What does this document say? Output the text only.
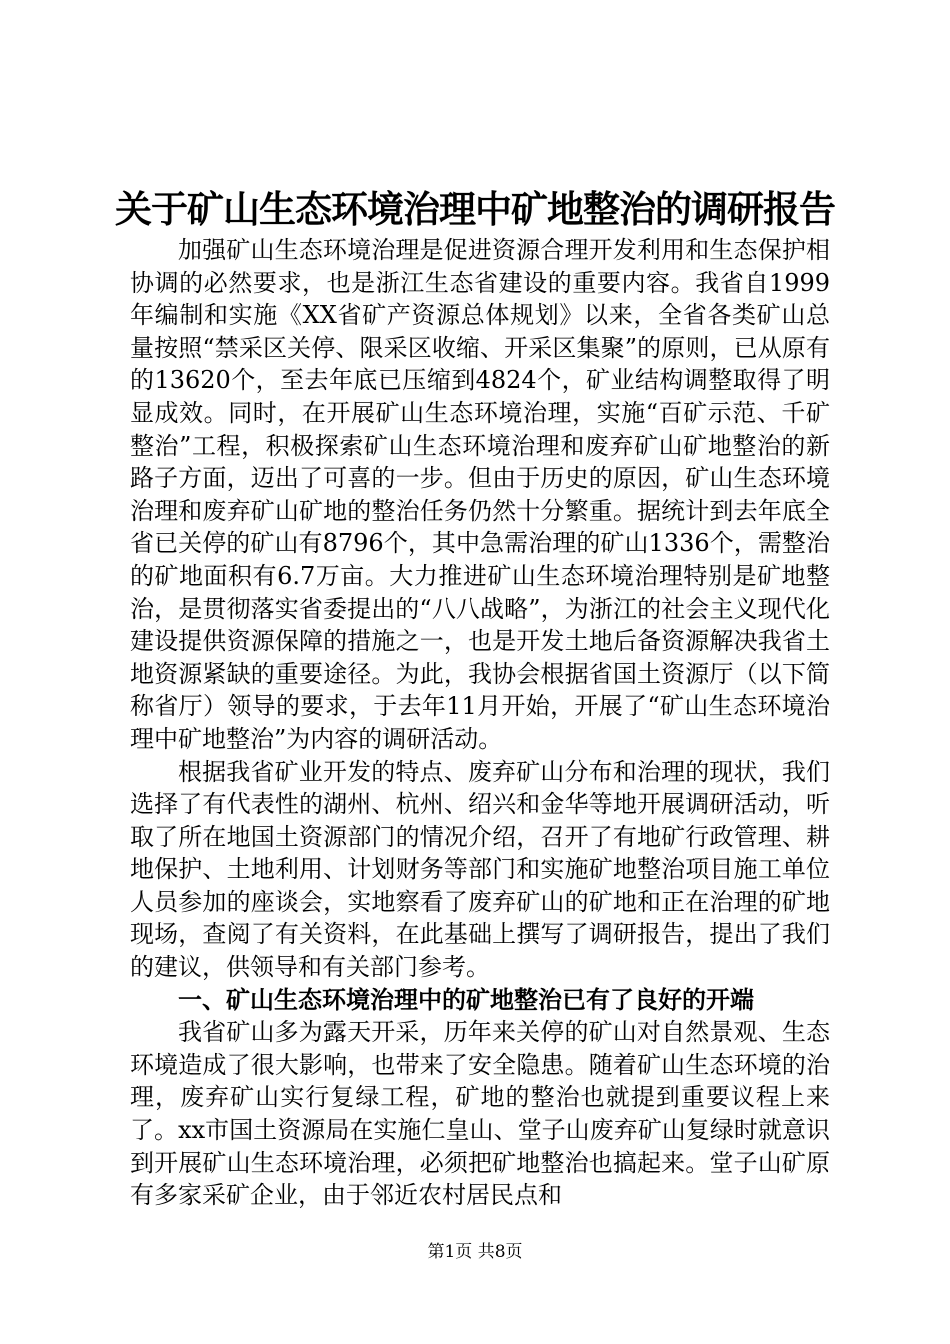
关于矿山生态环境治理中矿地整治的调研报告

加强矿山生态环境治理是促进资源合理开发利用和生态保护相协调的必然要求，也是浙江生态省建设的重要内容。我省自1999年编制和实施《XX省矿产资源总体规划》以来，全省各类矿山总量按照“禁采区关停、限采区收缩、开采区集聚”的原则，已从原有的13620个，至去年底已压缩到4824个，矿业结构调整取得了明显成效。同时，在开展矿山生态环境治理，实施“百矿示范、千矿整治”工程，积极探索矿山生态环境治理和废弃矿山矿地整治的新路子方面，迈出了可喜的一步。但由于历史的原因，矿山生态环境治理和废弃矿山矿地的整治任务仍然十分繁重。据统计到去年底全省已关停的矿山有8796个，其中急需治理的矿山1336个，需整治的矿地面积有6.7万亩。大力推进矿山生态环境治理特别是矿地整治，是贯彻落实省委提出的“八八战略”，为浙江的社会主义现代化建设提供资源保障的措施之一，也是开发土地后备资源解决我省土地资源紧缺的重要途径。为此，我协会根据省国土资源厅（以下简称省厅）领导的要求，于去年11月开始，开展了“矿山生态环境治理中矿地整治”为内容的调研活动。

根据我省矿业开发的特点、废弃矿山分布和治理的现状，我们选择了有代表性的湖州、杭州、绍兴和金华等地开展调研活动，听取了所在地国土资源部门的情况介绍，召开了有地矿行政管理、耕地保护、土地利用、计划财务等部门和实施矿地整治项目施工单位人员参加的座谈会，实地察看了废弃矿山的矿地和正在治理的矿地现场，查阅了有关资料，在此基础上撰写了调研报告，提出了我们的建议，供领导和有关部门参考。

一、矿山生态环境治理中的矿地整治已有了良好的开端

我省矿山多为露天开采，历年来关停的矿山对自然景观、生态环境造成了很大影响，也带来了安全隐患。随着矿山生态环境的治理，废弃矿山实行复绿工程，矿地的整治也就提到重要议程上来了。xx市国土资源局在实施仁皇山、堂子山废弃矿山复绿时就意识到开展矿山生态环境治理，必须把矿地整治也搞起来。堂子山矿原有多家采矿企业，由于邻近农村居民点和

第1页 共8页
